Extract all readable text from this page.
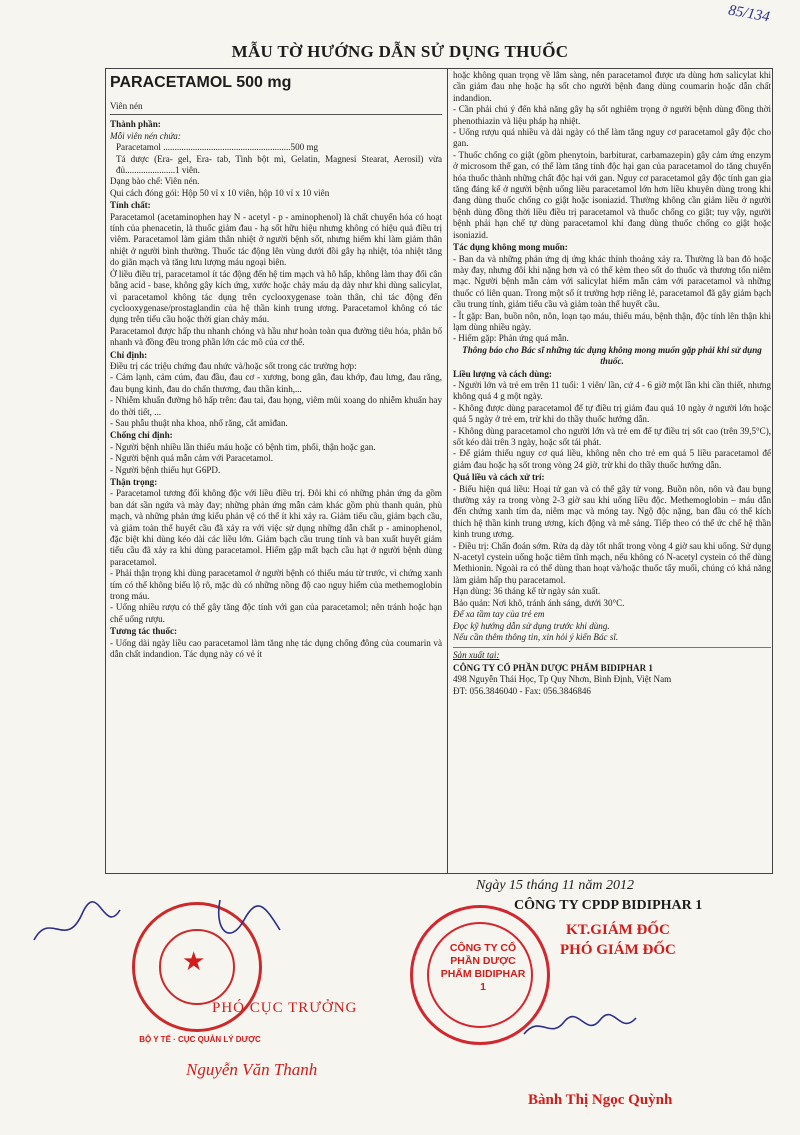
85/134
MẪU TỜ HƯỚNG DẪN SỬ DỤNG THUỐC
PARACETAMOL 500 mg
Viên nén
Thành phần:
Mỗi viên nén chứa:
Paracetamol ........................................................500 mg
Tá dược (Era- gel, Era- tab, Tinh bột mì, Gelatin, Magnesi Stearat, Aerosil) vừa đủ......................1 viên.
Dạng bào chế: Viên nén.
Qui cách đóng gói: Hộp 50 vỉ x 10 viên, hộp 10 vỉ x 10 viên
Tính chất:
Paracetamol (acetaminophen hay N - acetyl - p - aminophenol) là chất chuyển hóa có hoạt tính của phenacetin, là thuốc giảm đau - hạ sốt hữu hiệu nhưng không có hiệu quả điều trị viêm. Paracetamol làm giảm thân nhiệt ở người bệnh sốt, nhưng hiếm khi làm giảm thân nhiệt ở người bình thường. Thuốc tác động lên vùng dưới đồi gây hạ nhiệt, tỏa nhiệt tăng do giãn mạch và tăng lưu lượng máu ngoại biên.
Ở liều điều trị, paracetamol ít tác động đến hệ tim mạch và hô hấp, không làm thay đổi cân bằng acid - base, không gây kích ứng, xước hoặc chảy máu dạ dày như khi dùng salicylat, vì paracetamol không tác dụng trên cyclooxygenase toàn thân, chỉ tác động đến cyclooxygenase/prostaglandin của hệ thần kinh trung ương. Paracetamol không có tác dụng trên tiểu cầu hoặc thời gian chảy máu.
Paracetamol được hấp thu nhanh chóng và hầu như hoàn toàn qua đường tiêu hóa, phân bố nhanh và đồng đều trong phần lớn các mô của cơ thể.
Chỉ định:
Điều trị các triệu chứng đau nhức và/hoặc sốt trong các trường hợp:
- Cảm lạnh, cảm cúm, đau đầu, đau cơ - xương, bong gân, đau khớp, đau lưng, đau răng, đau bụng kinh, đau do chấn thương, đau thần kinh,...
- Nhiễm khuẩn đường hô hấp trên: đau tai, đau họng, viêm mũi xoang do nhiễm khuẩn hay do thời tiết, ...
- Sau phẫu thuật nha khoa, nhổ răng, cắt amiđan.
Chống chỉ định:
- Người bệnh nhiều lần thiếu máu hoặc có bệnh tim, phổi, thận hoặc gan.
- Người bệnh quá mẫn cảm với Paracetamol.
- Người bệnh thiếu hụt G6PD.
Thận trọng:
- Paracetamol tương đối không độc với liều điều trị. Đôi khi có những phản ứng da gồm ban dát sần ngứa và mày đay; những phản ứng mẫn cảm khác gồm phù thanh quản, phù mạch, và những phản ứng kiểu phản vệ có thể ít khi xảy ra. Giảm tiểu cầu, giảm bạch cầu, và giảm toàn thể huyết cầu đã xảy ra với việc sử dụng những dẫn chất p - aminophenol, đặc biệt khi dùng kéo dài các liều lớn. Giảm bạch cầu trung tính và ban xuất huyết giảm tiểu cầu đã xảy ra khi dùng paracetamol. Hiếm gặp mất bạch cầu hạt ở người bệnh dùng paracetamol.
- Phải thận trọng khi dùng paracetamol ở người bệnh có thiếu máu từ trước, vì chứng xanh tím có thể không biểu lộ rõ, mặc dù có những nồng độ cao nguy hiểm của methemoglobin trong máu.
- Uống nhiều rượu có thể gây tăng độc tính với gan của paracetamol; nên tránh hoặc hạn chế uống rượu.
Tương tác thuốc:
- Uống dài ngày liều cao paracetamol làm tăng nhẹ tác dụng chống đông của coumarin và dẫn chất indandion. Tác dụng này có vẻ ít
hoặc không quan trọng về lâm sàng, nên paracetamol được ưa dùng hơn salicylat khi cần giảm đau nhẹ hoặc hạ sốt cho người bệnh đang dùng coumarin hoặc dẫn chất indandion.
- Cần phải chú ý đến khả năng gây hạ sốt nghiêm trọng ở người bệnh dùng đồng thời phenothiazin và liệu pháp hạ nhiệt.
- Uống rượu quá nhiều và dài ngày có thể làm tăng nguy cơ paracetamol gây độc cho gan.
- Thuốc chống co giật (gồm phenytoin, barbiturat, carbamazepin) gây cảm ứng enzym ở microsom thể gan, có thể làm tăng tính độc hại gan của paracetamol do tăng chuyển hóa thuốc thành những chất độc hại với gan. Nguy cơ paracetamol gây độc tính gan gia tăng đáng kể ở người bệnh uống liều paracetamol lớn hơn liều khuyên dùng trong khi đang dùng thuốc chống co giật hoặc isoniazid. Thường không cần giảm liều ở người bệnh dùng đồng thời liều điều trị paracetamol và thuốc chống co giật; tuy vậy, người bệnh phải hạn chế tự dùng paracetamol khi đang dùng thuốc chống co giật hoặc isoniazid.
Tác dụng không mong muốn:
- Ban da và những phản ứng dị ứng khác thỉnh thoảng xảy ra. Thường là ban đỏ hoặc mày đay, nhưng đôi khi nặng hơn và có thể kèm theo sốt do thuốc và thương tổn niêm mạc. Người bệnh mẫn cảm với salicylat hiếm mẫn cảm với paracetamol và những thuốc có liên quan. Trong một số ít trường hợp riêng lẻ, paracetamol đã gây giảm bạch cầu trung tính, giảm tiểu cầu và giảm toàn thể huyết cầu.
- Ít gặp: Ban, buồn nôn, nôn, loạn tạo máu, thiếu máu, bệnh thận, độc tính lên thận khi lạm dùng nhiều ngày.
- Hiếm gặp: Phản ứng quá mẫn.
Thông báo cho Bác sĩ những tác dụng không mong muốn gặp phải khi sử dụng thuốc.
Liều lượng và cách dùng:
- Người lớn và trẻ em trên 11 tuổi: 1 viên/ lần, cứ 4 - 6 giờ một lần khi cần thiết, nhưng không quá 4 g một ngày.
- Không được dùng paracetamol để tự điều trị giảm đau quá 10 ngày ở người lớn hoặc quá 5 ngày ở trẻ em, trừ khi do thầy thuốc hướng dẫn.
- Không dùng paracetamol cho người lớn và trẻ em để tự điều trị sốt cao (trên 39,5°C), sốt kéo dài trên 3 ngày, hoặc sốt tái phát.
- Để giảm thiểu nguy cơ quá liều, không nên cho trẻ em quá 5 liều paracetamol để giảm đau hoặc hạ sốt trong vòng 24 giờ, trừ khi do thầy thuốc hướng dẫn.
Quá liều và cách xử trí:
- Biểu hiện quá liều: Hoại tử gan và có thể gây tử vong. Buồn nôn, nôn và đau bụng thường xảy ra trong vòng 2-3 giờ sau khi uống liều độc. Methemoglobin – máu dẫn đến chứng xanh tím da, niêm mạc và móng tay. Ngộ độc nặng, ban đầu có thể kích thích hệ thần kinh trung ương, kích động và mê sảng. Tiếp theo có thể ức chế hệ thần kinh trung ương.
- Điều trị: Chẩn đoán sớm. Rửa dạ dày tốt nhất trong vòng 4 giờ sau khi uống. Sử dụng N-acetyl cystein uống hoặc tiêm tĩnh mạch, nếu không có N-acetyl cystein có thể dùng Methionin. Ngoài ra có thể dùng than hoạt và/hoặc thuốc tẩy muối, chúng có khả năng làm giảm hấp thụ paracetamol.
Hạn dùng: 36 tháng kể từ ngày sản xuất.
Bảo quản: Nơi khô, tránh ánh sáng, dưới 30°C.
Để xa tầm tay của trẻ em
Đọc kỹ hướng dẫn sử dụng trước khi dùng.
Nếu cần thêm thông tin, xin hỏi ý kiến Bác sĩ.
Sản xuất tại:
CÔNG TY CỔ PHẦN DƯỢC PHẨM BIDIPHAR 1
498 Nguyễn Thái Học, Tp Quy Nhơn, Bình Định, Việt Nam
ĐT: 056.3846040 - Fax: 056.3846846
Ngày 15 tháng 11 năm 2012
CÔNG TY CPDP BIDIPHAR 1
KT.GIÁM ĐỐC
PHÓ GIÁM ĐỐC
Bành Thị Ngọc Quỳnh
CÔNG TY CỔ PHẦN DƯỢC PHẨM BIDIPHAR 1
★
BỘ Y TẾ · CỤC QUẢN LÝ DƯỢC
PHÓ CỤC TRƯỞNG
Nguyễn Văn Thanh
